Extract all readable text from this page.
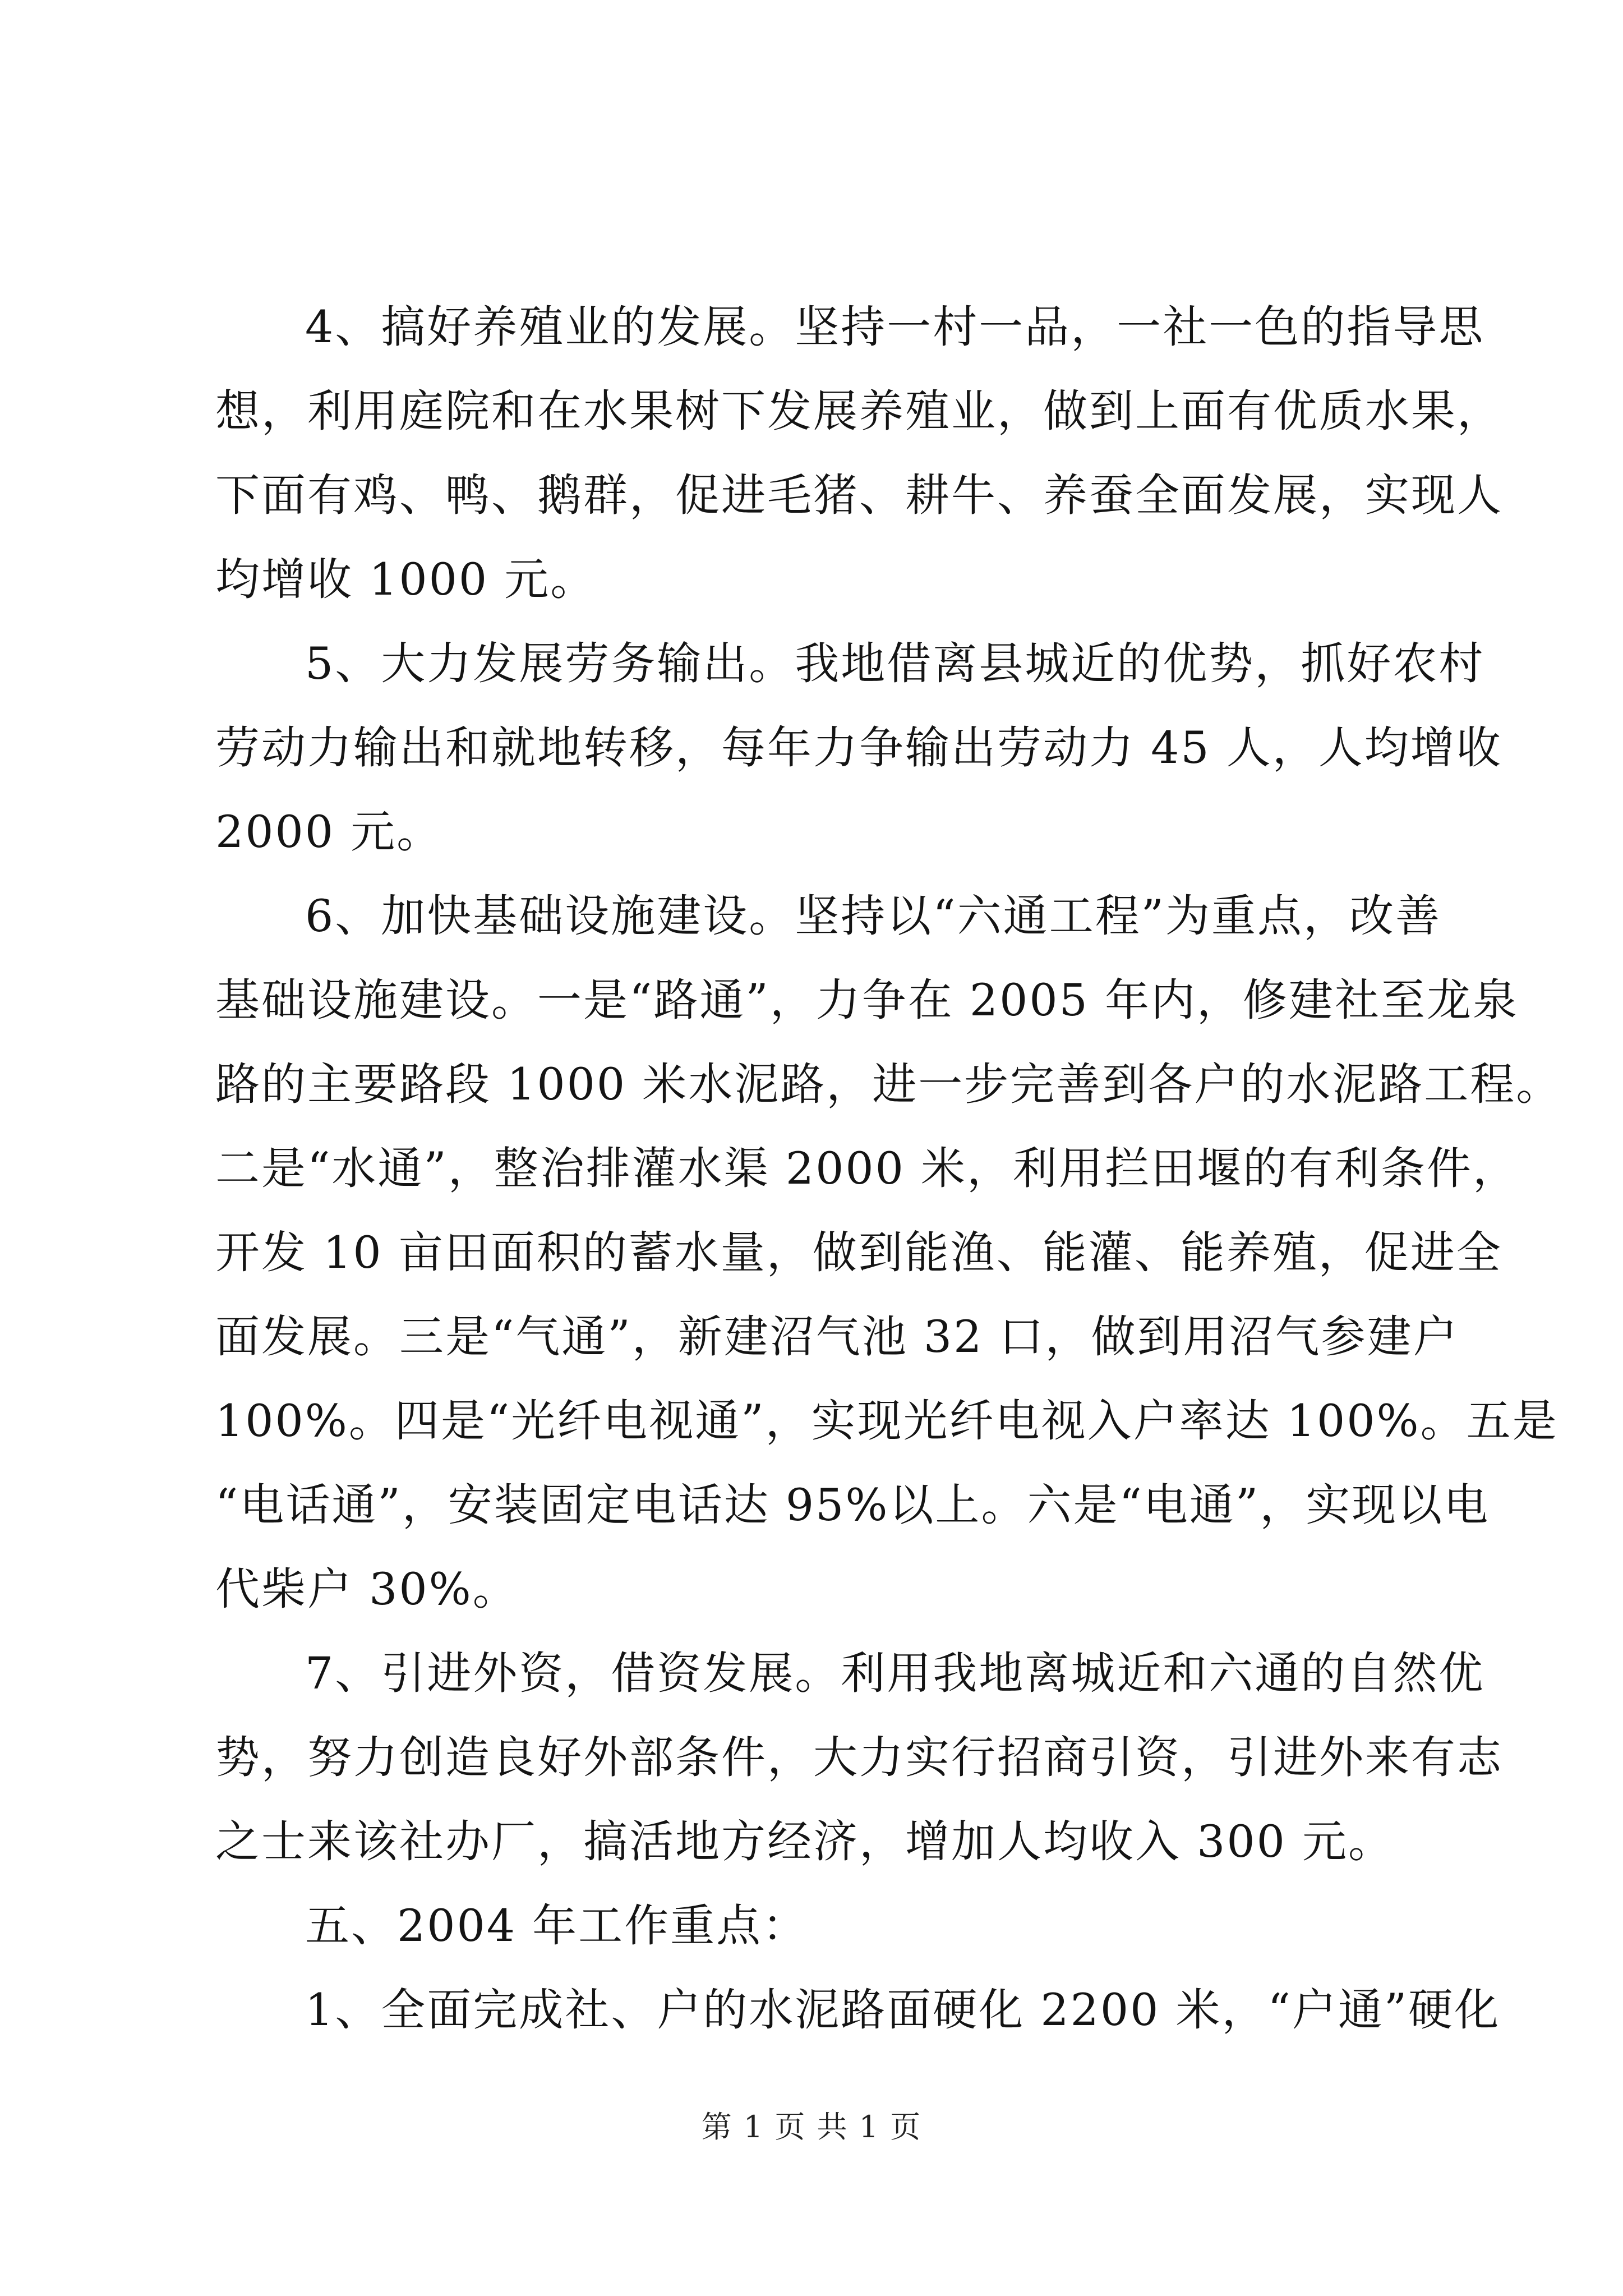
4、搞好养殖业的发展。坚持一村一品，一社一色的指导思
想，利用庭院和在水果树下发展养殖业，做到上面有优质水果，
下面有鸡、鸭、鹅群，促进毛猪、耕牛、养蚕全面发展，实现人
均增收 1000 元。

5、大力发展劳务输出。我地借离县城近的优势，抓好农村
劳动力输出和就地转移，每年力争输出劳动力 45 人，人均增收
2000 元。

6、加快基础设施建设。坚持以“六通工程”为重点，改善
基础设施建设。一是“路通”，力争在 2005 年内，修建社至龙泉
路的主要路段 1000 米水泥路，进一步完善到各户的水泥路工程。
二是“水通”，整治排灌水渠 2000 米，利用拦田堰的有利条件，
开发 10 亩田面积的蓄水量，做到能渔、能灌、能养殖，促进全
面发展。三是“气通”，新建沼气池 32 口，做到用沼气参建户
100%。四是“光纤电视通”，实现光纤电视入户率达 100%。五是
“电话通”，安装固定电话达 95%以上。六是“电通”，实现以电
代柴户 30%。

7、引进外资，借资发展。利用我地离城近和六通的自然优
势，努力创造良好外部条件，大力实行招商引资，引进外来有志
之士来该社办厂，搞活地方经济，增加人均收入 300 元。

五、2004 年工作重点：

1、全面完成社、户的水泥路面硬化 2200 米，“户通”硬化

第 1 页 共 1 页
